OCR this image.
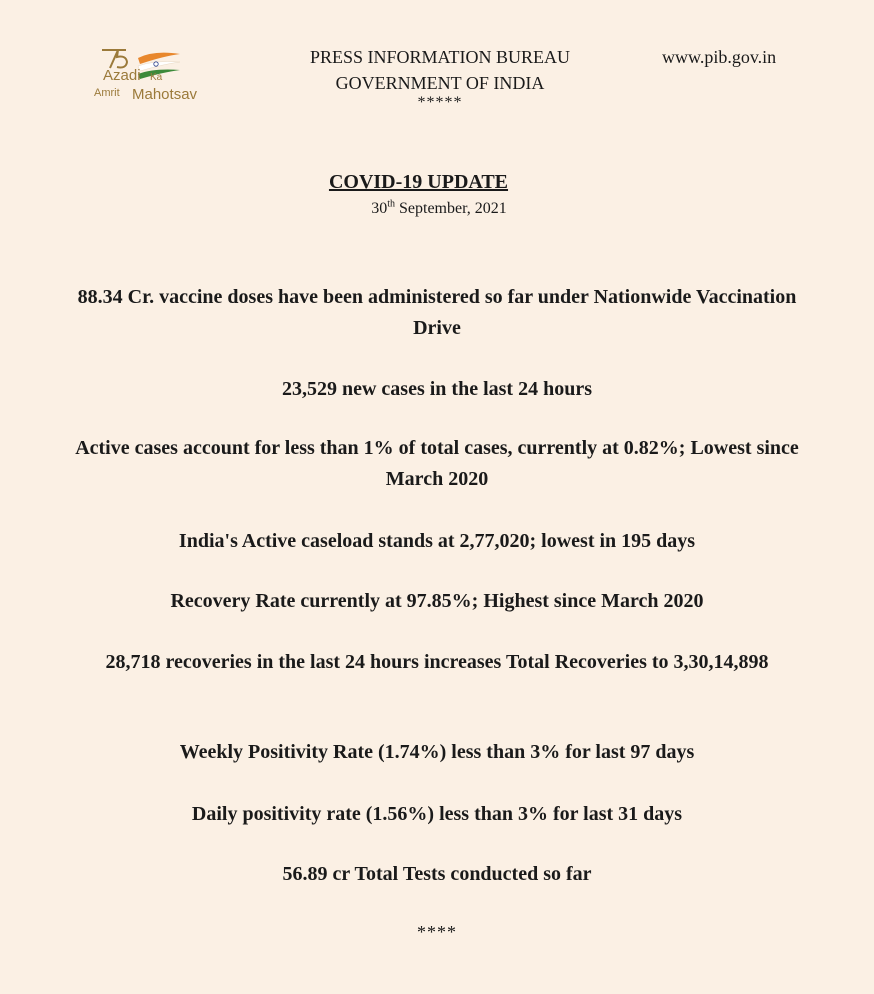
Azadi Ka
Amrit Mahotsav
PRESS INFORMATION BUREAU
GOVERNMENT OF INDIA
*****
www.pib.gov.in
COVID-19 UPDATE
30th September, 2021
88.34 Cr. vaccine doses have been administered so far under Nationwide Vaccination Drive
23,529 new cases in the last 24 hours
Active cases account for less than 1% of total cases, currently at 0.82%; Lowest since March 2020
India's Active caseload stands at 2,77,020; lowest in 195 days
Recovery Rate currently at 97.85%; Highest since March 2020
28,718 recoveries in the last 24 hours increases Total Recoveries to 3,30,14,898
Weekly Positivity Rate (1.74%) less than 3% for last 97 days
Daily positivity rate (1.56%) less than 3% for last 31 days
56.89 cr Total Tests conducted so far
****
